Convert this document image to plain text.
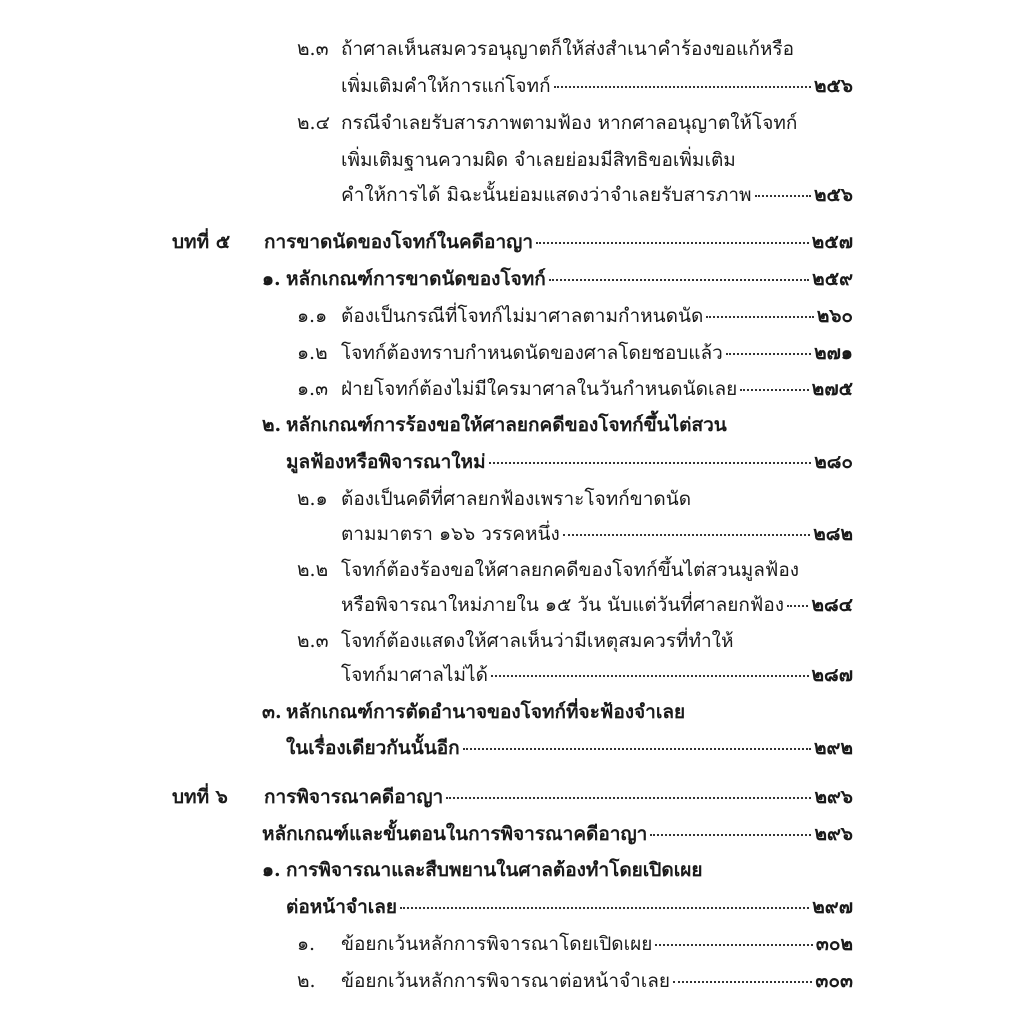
๒.๓ ถ้าศาลเห็นสมควรอนุญาตก็ให้ส่งสำเนาคำร้องขอแก้หรือ
เพิ่มเติมคำให้การแก่โจทก์	๒๕๖
๒.๔ กรณีจำเลยรับสารภาพตามฟ้อง หากศาลอนุญาตให้โจทก์
เพิ่มเติมฐานความผิด จำเลยย่อมมีสิทธิขอเพิ่มเติม
คำให้การได้ มิฉะนั้นย่อมแสดงว่าจำเลยรับสารภาพ	๒๕๖
บทที่ ๕	การขาดนัดของโจทก์ในคดีอาญา	๒๕๗
๑. หลักเกณฑ์การขาดนัดของโจทก์	๒๕๙
๑.๑ ต้องเป็นกรณีที่โจทก์ไม่มาศาลตามกำหนดนัด	๒๖๐
๑.๒ โจทก์ต้องทราบกำหนดนัดของศาลโดยชอบแล้ว	๒๗๑
๑.๓ ฝ่ายโจทก์ต้องไม่มีใครมาศาลในวันกำหนดนัดเลย	๒๗๕
๒. หลักเกณฑ์การร้องขอให้ศาลยกคดีของโจทก์ขึ้นไต่สวน
มูลฟ้องหรือพิจารณาใหม่	๒๘๐
๒.๑ ต้องเป็นคดีที่ศาลยกฟ้องเพราะโจทก์ขาดนัด
ตามมาตรา ๑๖๖ วรรคหนึ่ง	๒๘๒
๒.๒ โจทก์ต้องร้องขอให้ศาลยกคดีของโจทก์ขึ้นไต่สวนมูลฟ้อง
หรือพิจารณาใหม่ภายใน ๑๕ วัน นับแต่วันที่ศาลยกฟ้อง ๒๘๔
๒.๓ โจทก์ต้องแสดงให้ศาลเห็นว่ามีเหตุสมควรที่ทำให้
โจทก์มาศาลไม่ได้	๒๘๗
๓. หลักเกณฑ์การตัดอำนาจของโจทก์ที่จะฟ้องจำเลย
ในเรื่องเดียวกันนั้นอีก	๒๙๒
บทที่ ๖	การพิจารณาคดีอาญา	๒๙๖
หลักเกณฑ์และขั้นตอนในการพิจารณาคดีอาญา	๒๙๖
๑. การพิจารณาและสืบพยานในศาลต้องทำโดยเปิดเผย
ต่อหน้าจำเลย	๒๙๗
๑.	ข้อยกเว้นหลักการพิจารณาโดยเปิดเผย	๓๐๒
๒.	ข้อยกเว้นหลักการพิจารณาต่อหน้าจำเลย	๓๐๓
